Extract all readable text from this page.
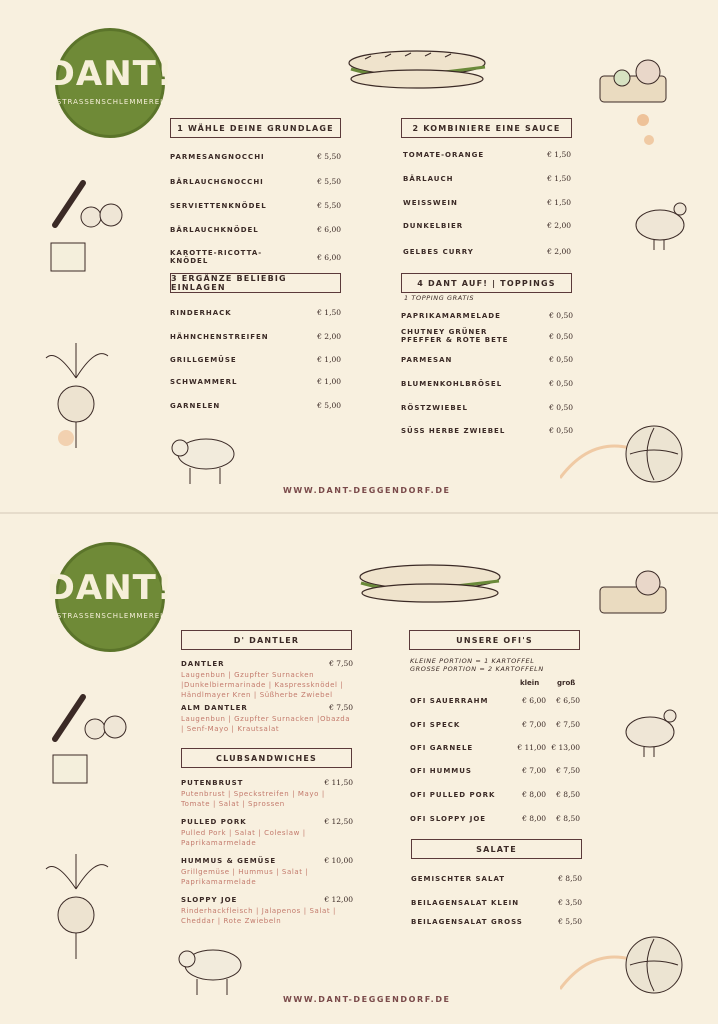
DANT!
STRASSENSCHLEMMEREI
1 WÄHLE DEINE GRUNDLAGE
PARMESANGNOCCHI	€ 5,50
BÄRLAUCHGNOCCHI	€ 5,50
SERVIETTENKNÖDEL	€ 5,50
BÄRLAUCHKNÖDEL	€ 6,00
KAROTTE-RICOTTA-KNÖDEL	€ 6,00
2 KOMBINIERE EINE SAUCE
TOMATE-ORANGE	€ 1,50
BÄRLAUCH	€ 1,50
WEISSWEIN	€ 1,50
DUNKELBIER	€ 2,00
GELBES CURRY	€ 2,00
3 ERGÄNZE BELIEBIG EINLAGEN
RINDERHACK	€ 1,50
HÄHNCHENSTREIFEN	€ 2,00
GRILLGEMÜSE	€ 1,00
SCHWAMMERL	€ 1,00
GARNELEN	€ 5,00
4 DANT AUF! | TOPPINGS
1 TOPPING GRATIS
PAPRIKAMARMELADE	€ 0,50
CHUTNEY GRÜNER PFEFFER & ROTE BETE	€ 0,50
PARMESAN	€ 0,50
BLUMENKOHLBRÖSEL	€ 0,50
RÖSTZWIEBEL	€ 0,50
SÜSS HERBE ZWIEBEL	€ 0,50
WWW.DANT-DEGGENDORF.DE
DANT!
STRASSENSCHLEMMEREI
D' DANTLER
DANTLER	€ 7,50
Laugenbun | Gzupfter Surnacken |Dunkelbiermarinade | Kaspressknödel | Händlmayer Kren | Süßherbe Zwiebel
ALM DANTLER	€ 7,50
Laugenbun | Gzupfter Surnacken |Obazda | Senf-Mayo | Krautsalat
CLUBSANDWICHES
PUTENBRUST	€ 11,50
Putenbrust | Speckstreifen | Mayo | Tomate | Salat | Sprossen
PULLED PORK	€ 12,50
Pulled Pork | Salat | Coleslaw | Paprikamarmelade
HUMMUS & GEMÜSE	€ 10,00
Grillgemüse | Hummus | Salat | Paprikamarmelade
SLOPPY JOE	€ 12,00
Rinderhackfleisch | Jalapenos | Salat | Cheddar | Rote Zwiebeln
UNSERE OFI'S
KLEINE PORTION = 1 KARTOFFEL
GROSSE PORTION = 2 KARTOFFELN
klein	groß
OFI SAUERRAHM	€ 6,00	€ 6,50
OFI SPECK	€ 7,00	€ 7,50
OFI GARNELE	€ 11,00 € 13,00
OFI HUMMUS	€ 7,00	€ 7,50
OFI PULLED PORK	€ 8,00	€ 8,50
OFI SLOPPY JOE	€ 8,00	€ 8,50
SALATE
GEMISCHTER SALAT	€ 8,50
BEILAGENSALAT KLEIN	€ 3,50
BEILAGENSALAT GROSS	€ 5,50
WWW.DANT-DEGGENDORF.DE
